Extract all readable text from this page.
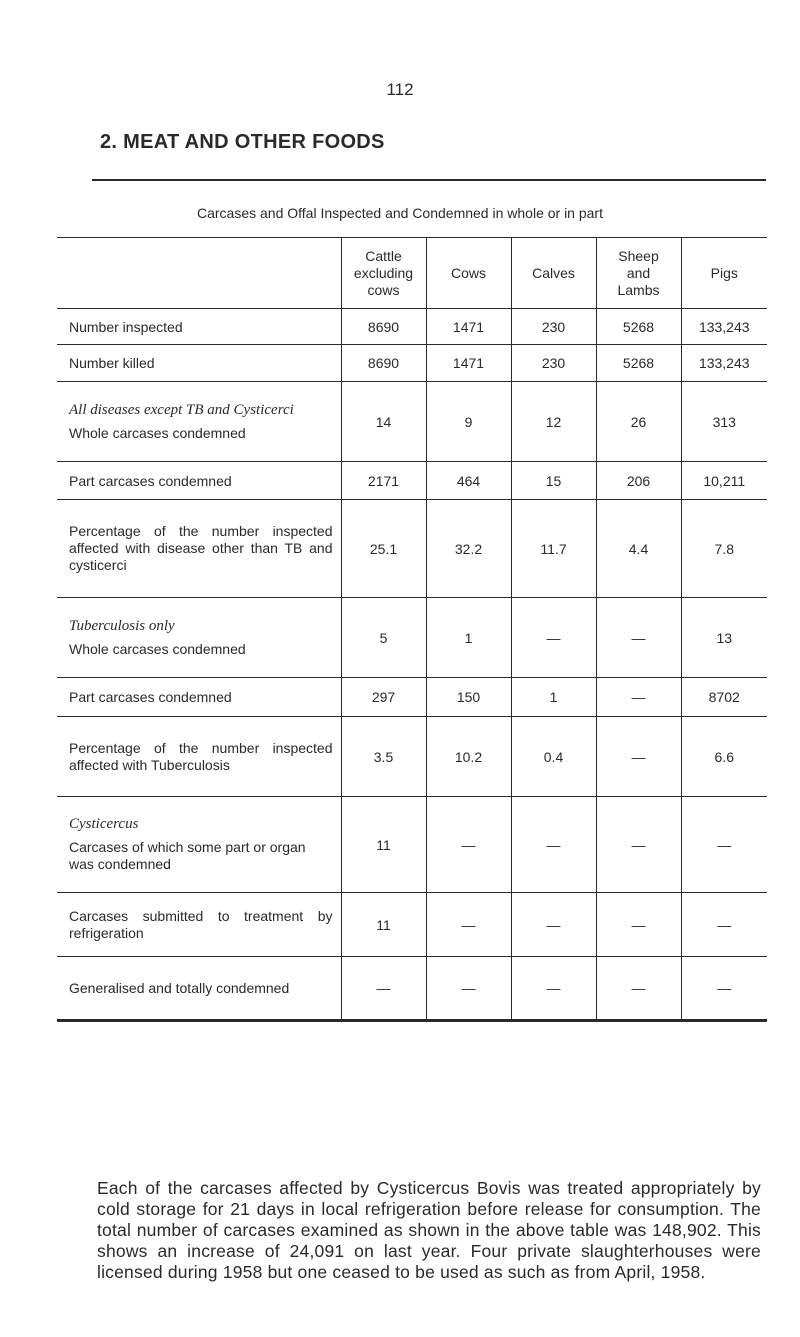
112
2. MEAT AND OTHER FOODS
Carcases and Offal Inspected and Condemned in whole or in part
	Cattle excluding cows	Cows	Calves	Sheep and Lambs	Pigs
Number inspected	8690	1471	230	5268	133,243
Number killed	8690	1471	230	5268	133,243

All diseases except TB and Cysticerci
Whole carcases condemned	14	9	12	26	313
Part carcases condemned	2171	464	15	206	10,211

Percentage of the number inspected affected with disease other than TB and cysticerci	25.1	32.2	11.7	4.4	7.8

Tuberculosis only
Whole carcases condemned	5	1	—	—	13
Part carcases condemned	297	150	1	—	8702

Percentage of the number inspected affected with Tuberculosis	3.5	10.2	0.4	—	6.6

Cysticercus
Carcases of which some part or organ was condemned	11	—	—	—	—

Carcases submitted to treatment by refrigeration	11	—	—	—	—

Generalised and totally condemned	—	—	—	—	—

Each of the carcases affected by Cysticercus Bovis was treated appropriately by cold storage for 21 days in local refrigeration before release for consumption. The total number of carcases examined as shown in the above table was 148,902. This shows an increase of 24,091 on last year. Four private slaughterhouses were licensed during 1958 but one ceased to be used as such as from April, 1958.
